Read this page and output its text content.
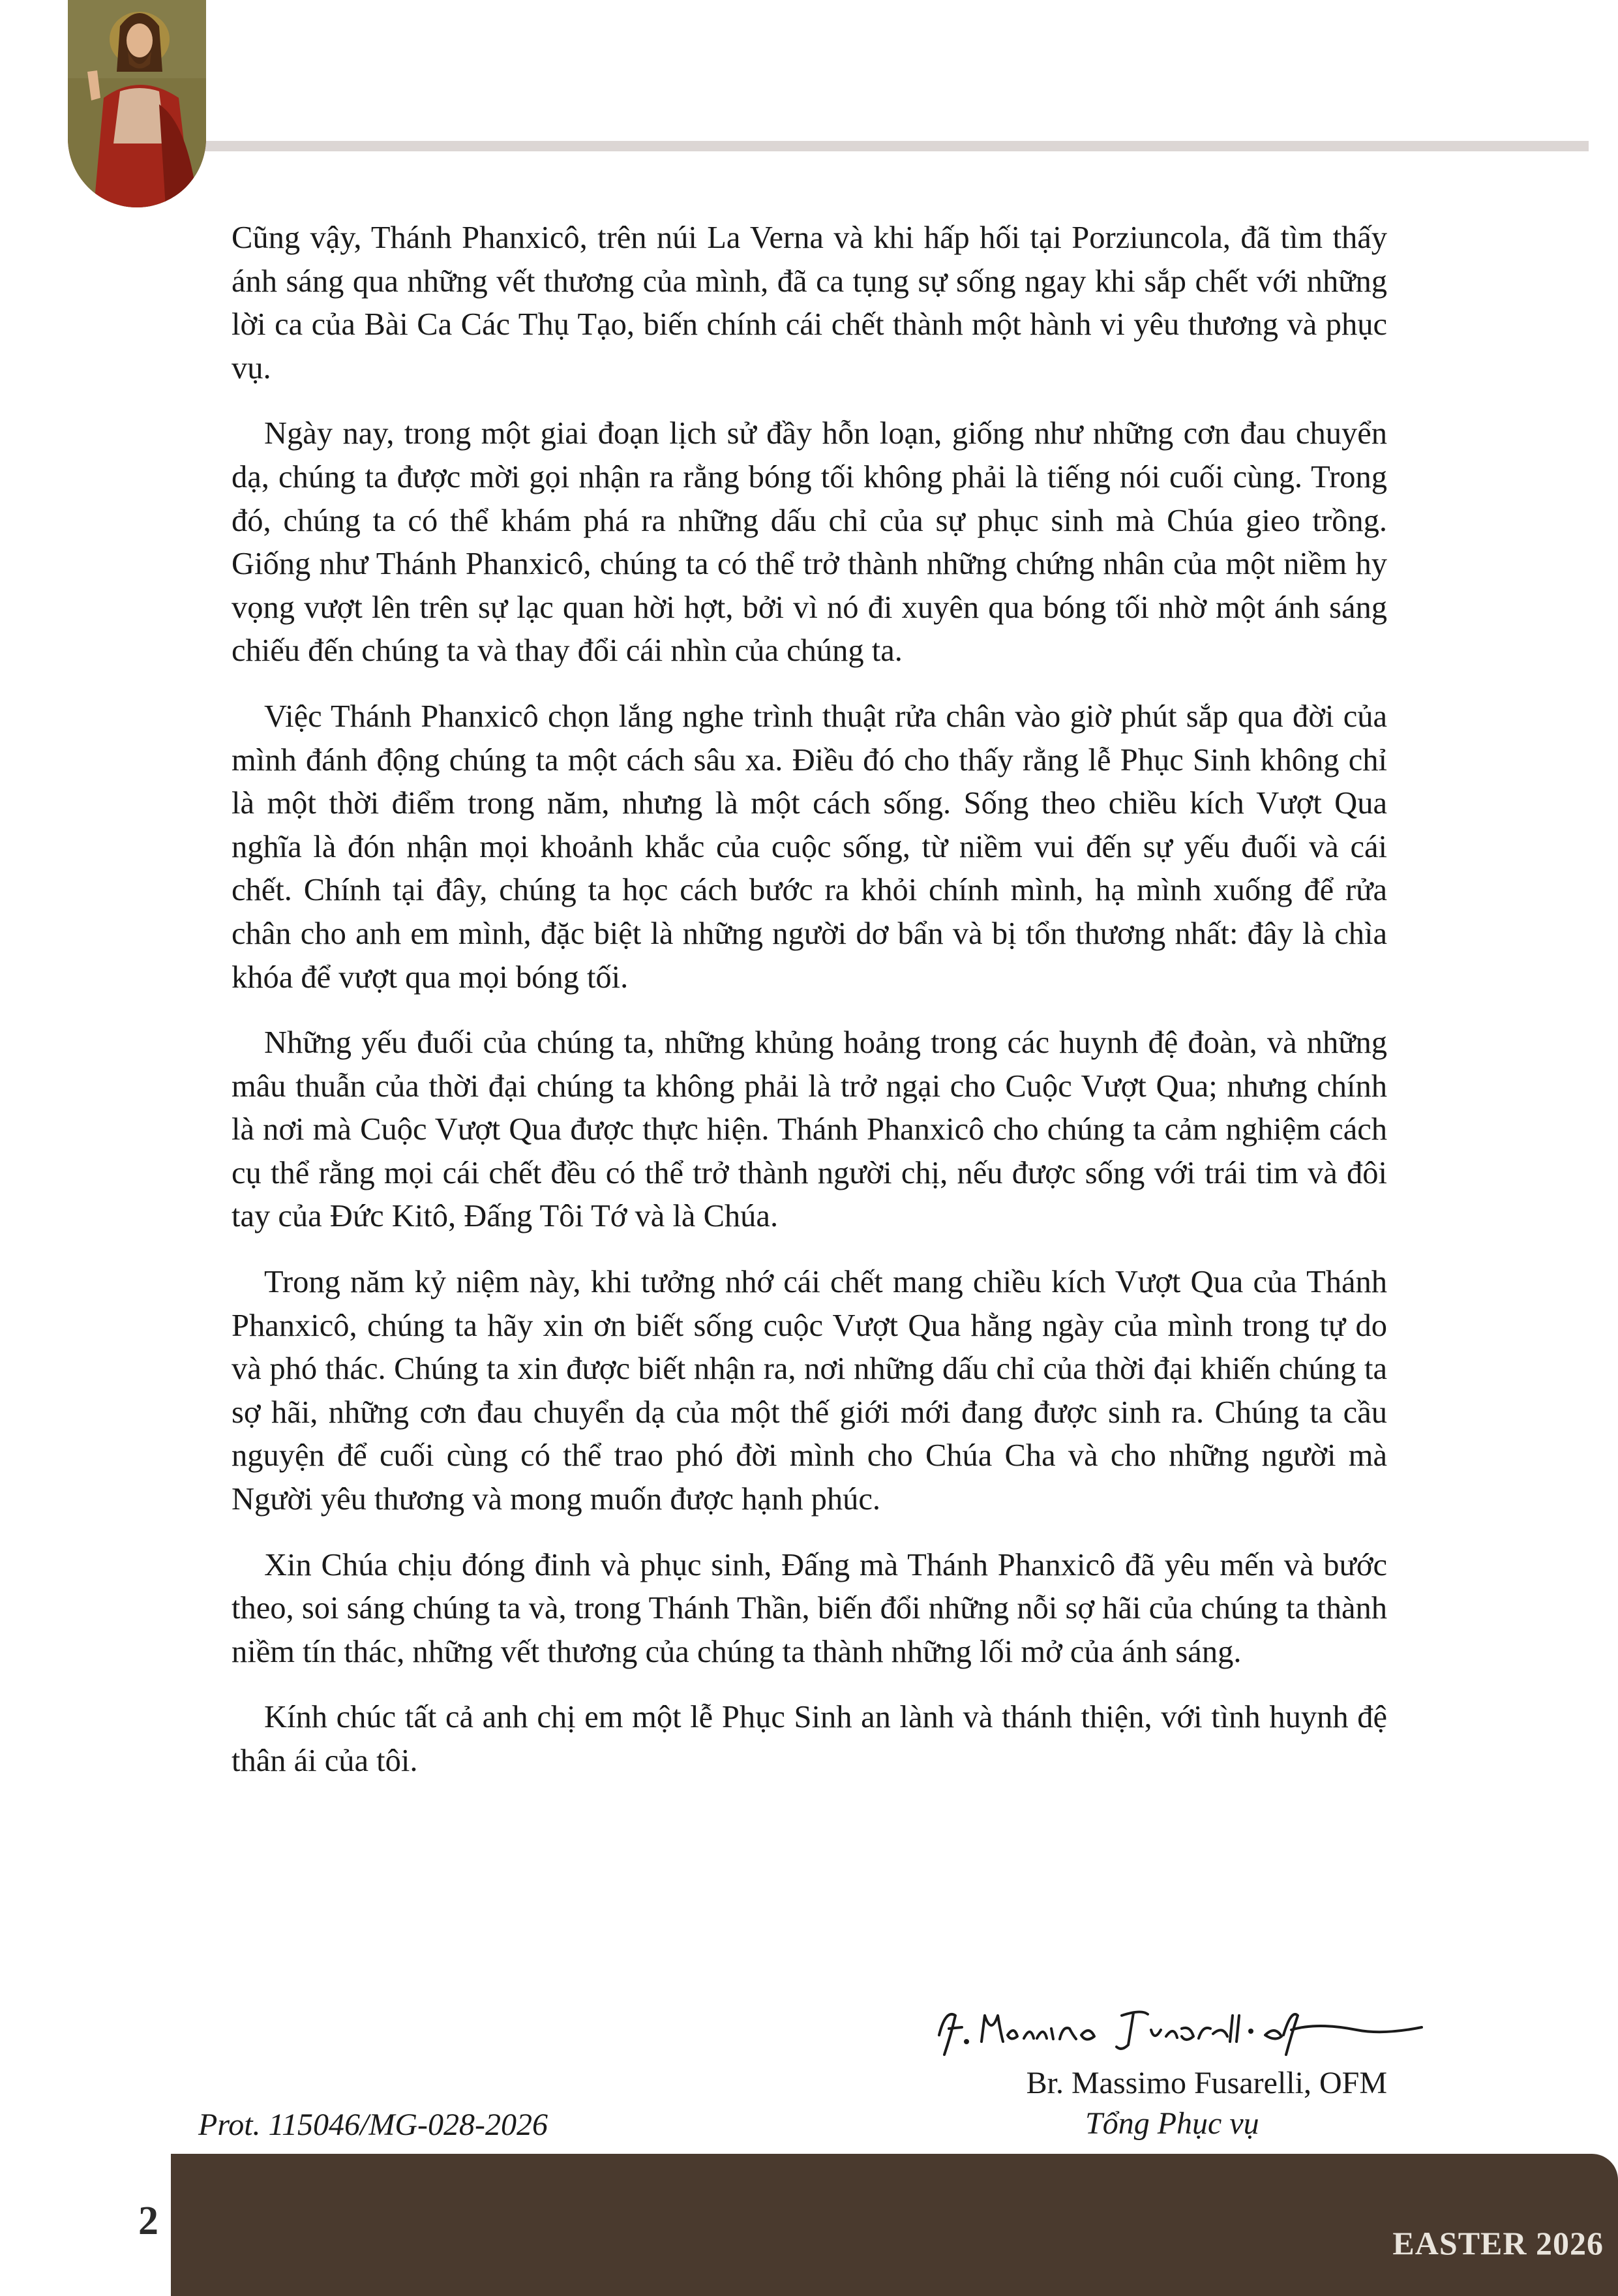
Cũng vậy, Thánh Phanxicô, trên núi La Verna và khi hấp hối tại Porziuncola, đã tìm thấy ánh sáng qua những vết thương của mình, đã ca tụng sự sống ngay khi sắp chết với những lời ca của Bài Ca Các Thụ Tạo, biến chính cái chết thành một hành vi yêu thương và phục vụ.

Ngày nay, trong một giai đoạn lịch sử đầy hỗn loạn, giống như những cơn đau chuyển dạ, chúng ta được mời gọi nhận ra rằng bóng tối không phải là tiếng nói cuối cùng. Trong đó, chúng ta có thể khám phá ra những dấu chỉ của sự phục sinh mà Chúa gieo trồng. Giống như Thánh Phanxicô, chúng ta có thể trở thành những chứng nhân của một niềm hy vọng vượt lên trên sự lạc quan hời hợt, bởi vì nó đi xuyên qua bóng tối nhờ một ánh sáng chiếu đến chúng ta và thay đổi cái nhìn của chúng ta.

Việc Thánh Phanxicô chọn lắng nghe trình thuật rửa chân vào giờ phút sắp qua đời của mình đánh động chúng ta một cách sâu xa. Điều đó cho thấy rằng lễ Phục Sinh không chỉ là một thời điểm trong năm, nhưng là một cách sống. Sống theo chiều kích Vượt Qua nghĩa là đón nhận mọi khoảnh khắc của cuộc sống, từ niềm vui đến sự yếu đuối và cái chết. Chính tại đây, chúng ta học cách bước ra khỏi chính mình, hạ mình xuống để rửa chân cho anh em mình, đặc biệt là những người dơ bẩn và bị tổn thương nhất: đây là chìa khóa để vượt qua mọi bóng tối.

Những yếu đuối của chúng ta, những khủng hoảng trong các huynh đệ đoàn, và những mâu thuẫn của thời đại chúng ta không phải là trở ngại cho Cuộc Vượt Qua; nhưng chính là nơi mà Cuộc Vượt Qua được thực hiện. Thánh Phanxicô cho chúng ta cảm nghiệm cách cụ thể rằng mọi cái chết đều có thể trở thành người chị, nếu được sống với trái tim và đôi tay của Đức Kitô, Đấng Tôi Tớ và là Chúa.

Trong năm kỷ niệm này, khi tưởng nhớ cái chết mang chiều kích Vượt Qua của Thánh Phanxicô, chúng ta hãy xin ơn biết sống cuộc Vượt Qua hằng ngày của mình trong tự do và phó thác. Chúng ta xin được biết nhận ra, nơi những dấu chỉ của thời đại khiến chúng ta sợ hãi, những cơn đau chuyển dạ của một thế giới mới đang được sinh ra. Chúng ta cầu nguyện để cuối cùng có thể trao phó đời mình cho Chúa Cha và cho những người mà Người yêu thương và mong muốn được hạnh phúc.

Xin Chúa chịu đóng đinh và phục sinh, Đấng mà Thánh Phanxicô đã yêu mến và bước theo, soi sáng chúng ta và, trong Thánh Thần, biến đổi những nỗi sợ hãi của chúng ta thành niềm tín thác, những vết thương của chúng ta thành những lối mở của ánh sáng.

Kính chúc tất cả anh chị em một lễ Phục Sinh an lành và thánh thiện, với tình huynh đệ thân ái của tôi.

Br. Massimo Fusarelli, OFM
Tổng Phục vụ
Prot. 115046/MG-028-2026
2	EASTER 2026
